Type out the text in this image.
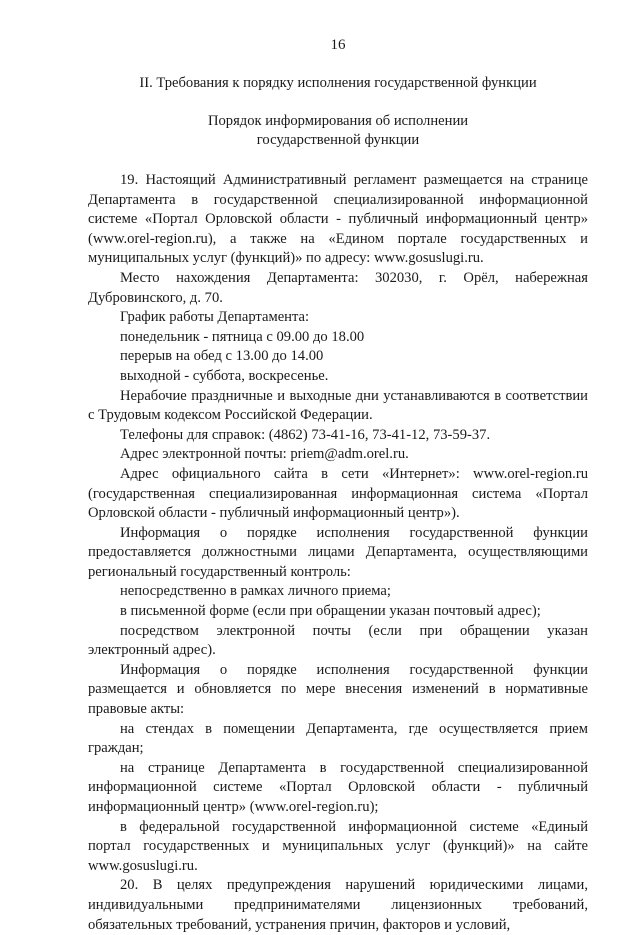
16
II. Требования к порядку исполнения государственной функции
Порядок информирования об исполнении
государственной функции

19. Настоящий Административный регламент размещается на странице Департамента в государственной специализированной информационной системе «Портал Орловской области - публичный информационный центр» (www.orel-region.ru), а также на «Едином портале государственных и муниципальных услуг (функций)» по адресу: www.gosuslugi.ru.

Место нахождения Департамента: 302030, г. Орёл, набережная Дубровинского, д. 70.

График работы Департамента:

понедельник - пятница с 09.00 до 18.00

перерыв на обед с 13.00 до 14.00

выходной - суббота, воскресенье.

Нерабочие праздничные и выходные дни устанавливаются в соответствии с Трудовым кодексом Российской Федерации.

Телефоны для справок: (4862) 73-41-16, 73-41-12, 73-59-37.

Адрес электронной почты: priem@adm.orel.ru.

Адрес официального сайта в сети «Интернет»: www.orel-region.ru (государственная специализированная информационная система «Портал Орловской области - публичный информационный центр»).

Информация о порядке исполнения государственной функции предоставляется должностными лицами Департамента, осуществляющими региональный государственный контроль:

непосредственно в рамках личного приема;

в письменной форме (если при обращении указан почтовый адрес);

посредством электронной почты (если при обращении указан электронный адрес).

Информация о порядке исполнения государственной функции размещается и обновляется по мере внесения изменений в нормативные правовые акты:

на стендах в помещении Департамента, где осуществляется прием граждан;

на странице Департамента в государственной специализированной информационной системе «Портал Орловской области - публичный информационный центр» (www.orel-region.ru);

в федеральной государственной информационной системе «Единый портал государственных и муниципальных услуг (функций)» на сайте www.gosuslugi.ru.

20. В целях предупреждения нарушений юридическими лицами, индивидуальными предпринимателями лицензионных требований, обязательных требований, устранения причин, факторов и условий,
